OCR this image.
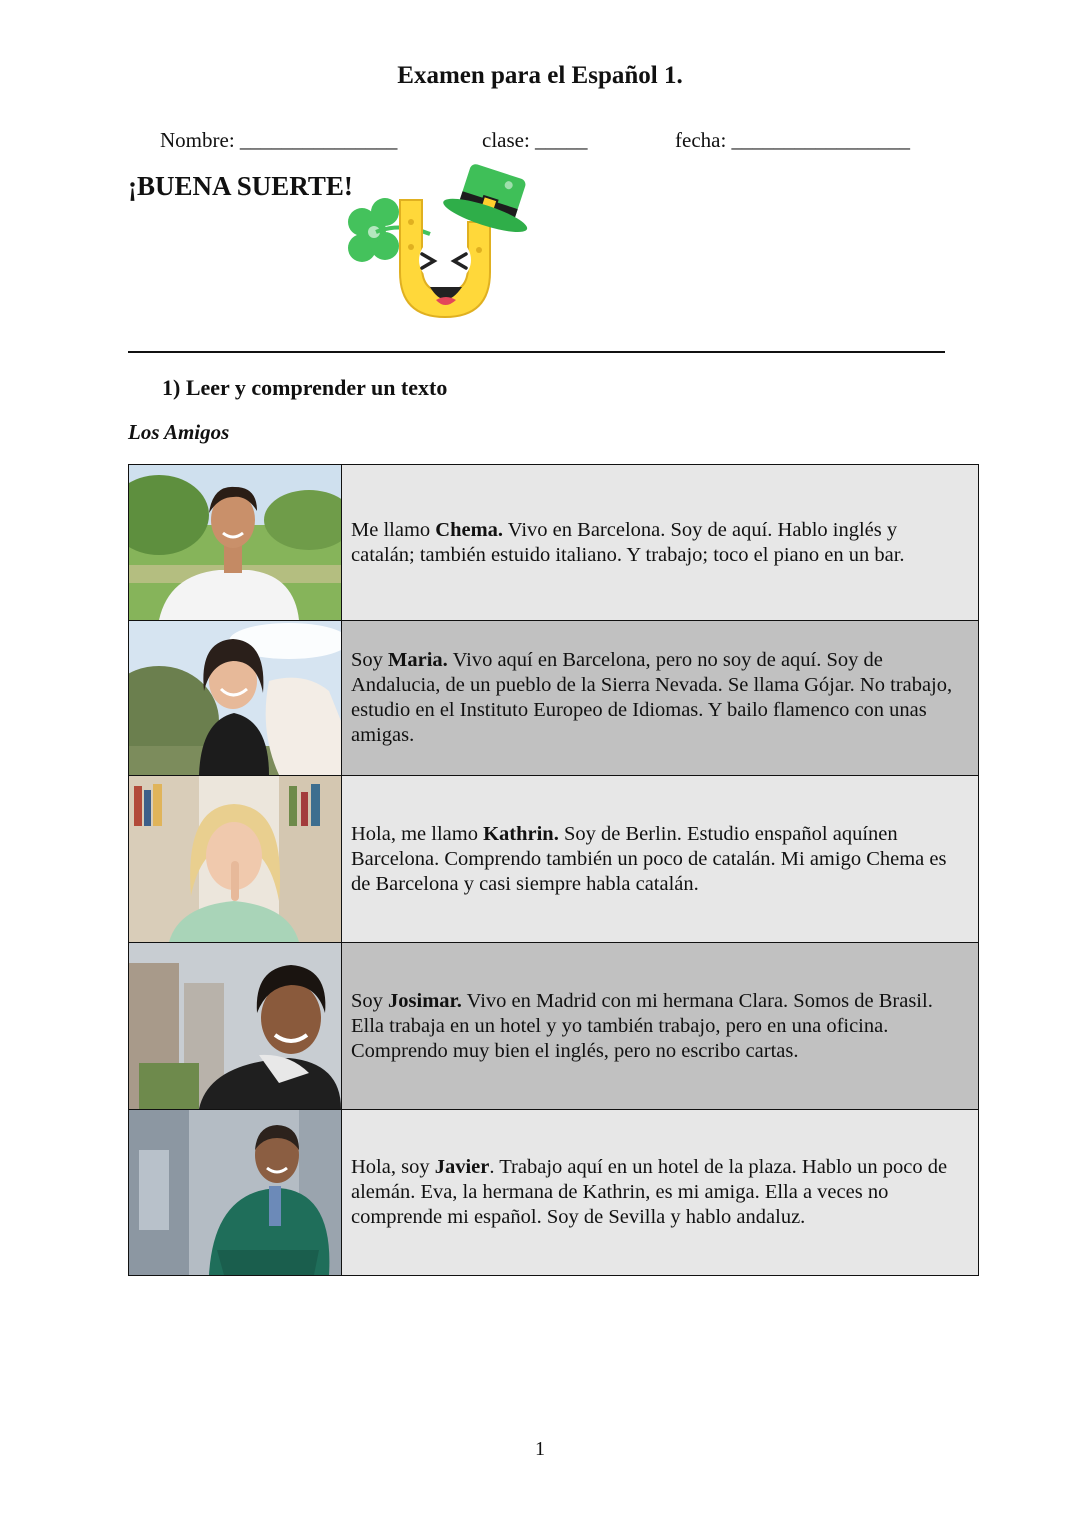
Examen para el Español 1.
Nombre: _______________	clase: _____	fecha: _________________
¡BUENA SUERTE!
1) Leer y comprender un texto
Los Amigos
Me llamo Chema. Vivo en Barcelona. Soy de aquí. Hablo inglés y catalán; también estuido italiano. Y trabajo; toco el piano en un bar.
Soy Maria. Vivo aquí en Barcelona, pero no soy de aquí. Soy de Andalucia, de un pueblo de la Sierra Nevada. Se llama Gójar. No trabajo, estudio en el Instituto Europeo de Idiomas. Y bailo flamenco con unas amigas.
Hola, me llamo Kathrin. Soy de Berlin. Estudio enspañol aquínen Barcelona. Comprendo también un poco de catalán. Mi amigo Chema es de Barcelona y casi siempre habla catalán.
Soy Josimar. Vivo en Madrid con mi hermana Clara. Somos de Brasil. Ella trabaja en un hotel y yo también trabajo, pero en una oficina. Comprendo muy bien el inglés, pero no escribo cartas.
Hola, soy Javier. Trabajo aquí en un hotel de la plaza. Hablo un poco de alemán. Eva, la hermana de Kathrin, es mi amiga. Ella a veces no comprende mi español. Soy de Sevilla y hablo andaluz.
1
